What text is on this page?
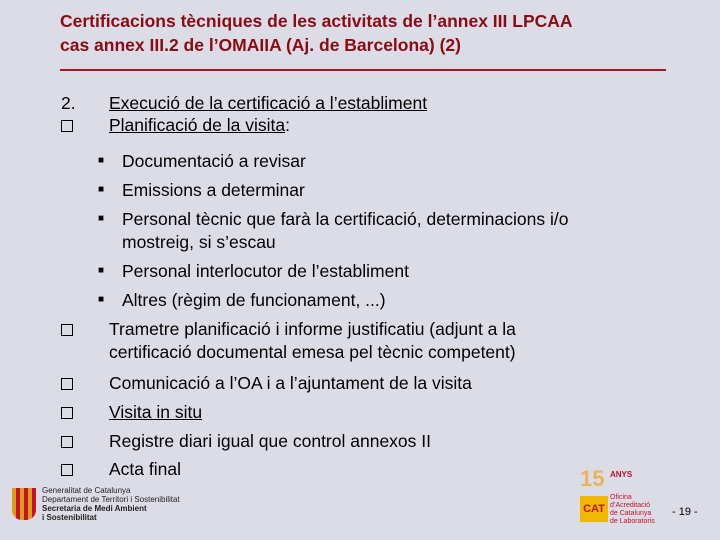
Certificacions tècniques de les activitats de l’annex III LPCAA
cas annex III.2 de l’OMAIIA (Aj. de Barcelona) (2)
2.	Execució de la certificació a l’establiment
Planificació de la visita:
■ Documentació a revisar
■ Emissions a determinar
■ Personal tècnic que farà la certificació, determinacions i/o
mostreig, si s’escau
■ Personal interlocutor de l’establiment
■ Altres (règim de funcionament, ...)
Trametre planificació i informe justificatiu (adjunt a la
certificació documental emesa pel tècnic competent)
Comunicació a l’OA i a l’ajuntament de la visita
Visita in situ
Registre diari igual que control annexos II
Acta final
Generalitat de Catalunya
Departament de Territori i Sostenibilitat
Secretaria de Medi Ambient
i Sostenibilitat
15 ANYS
CAT
Oficina
d’Acreditació
de Catalunya
de Laboratoris
- 19 -
